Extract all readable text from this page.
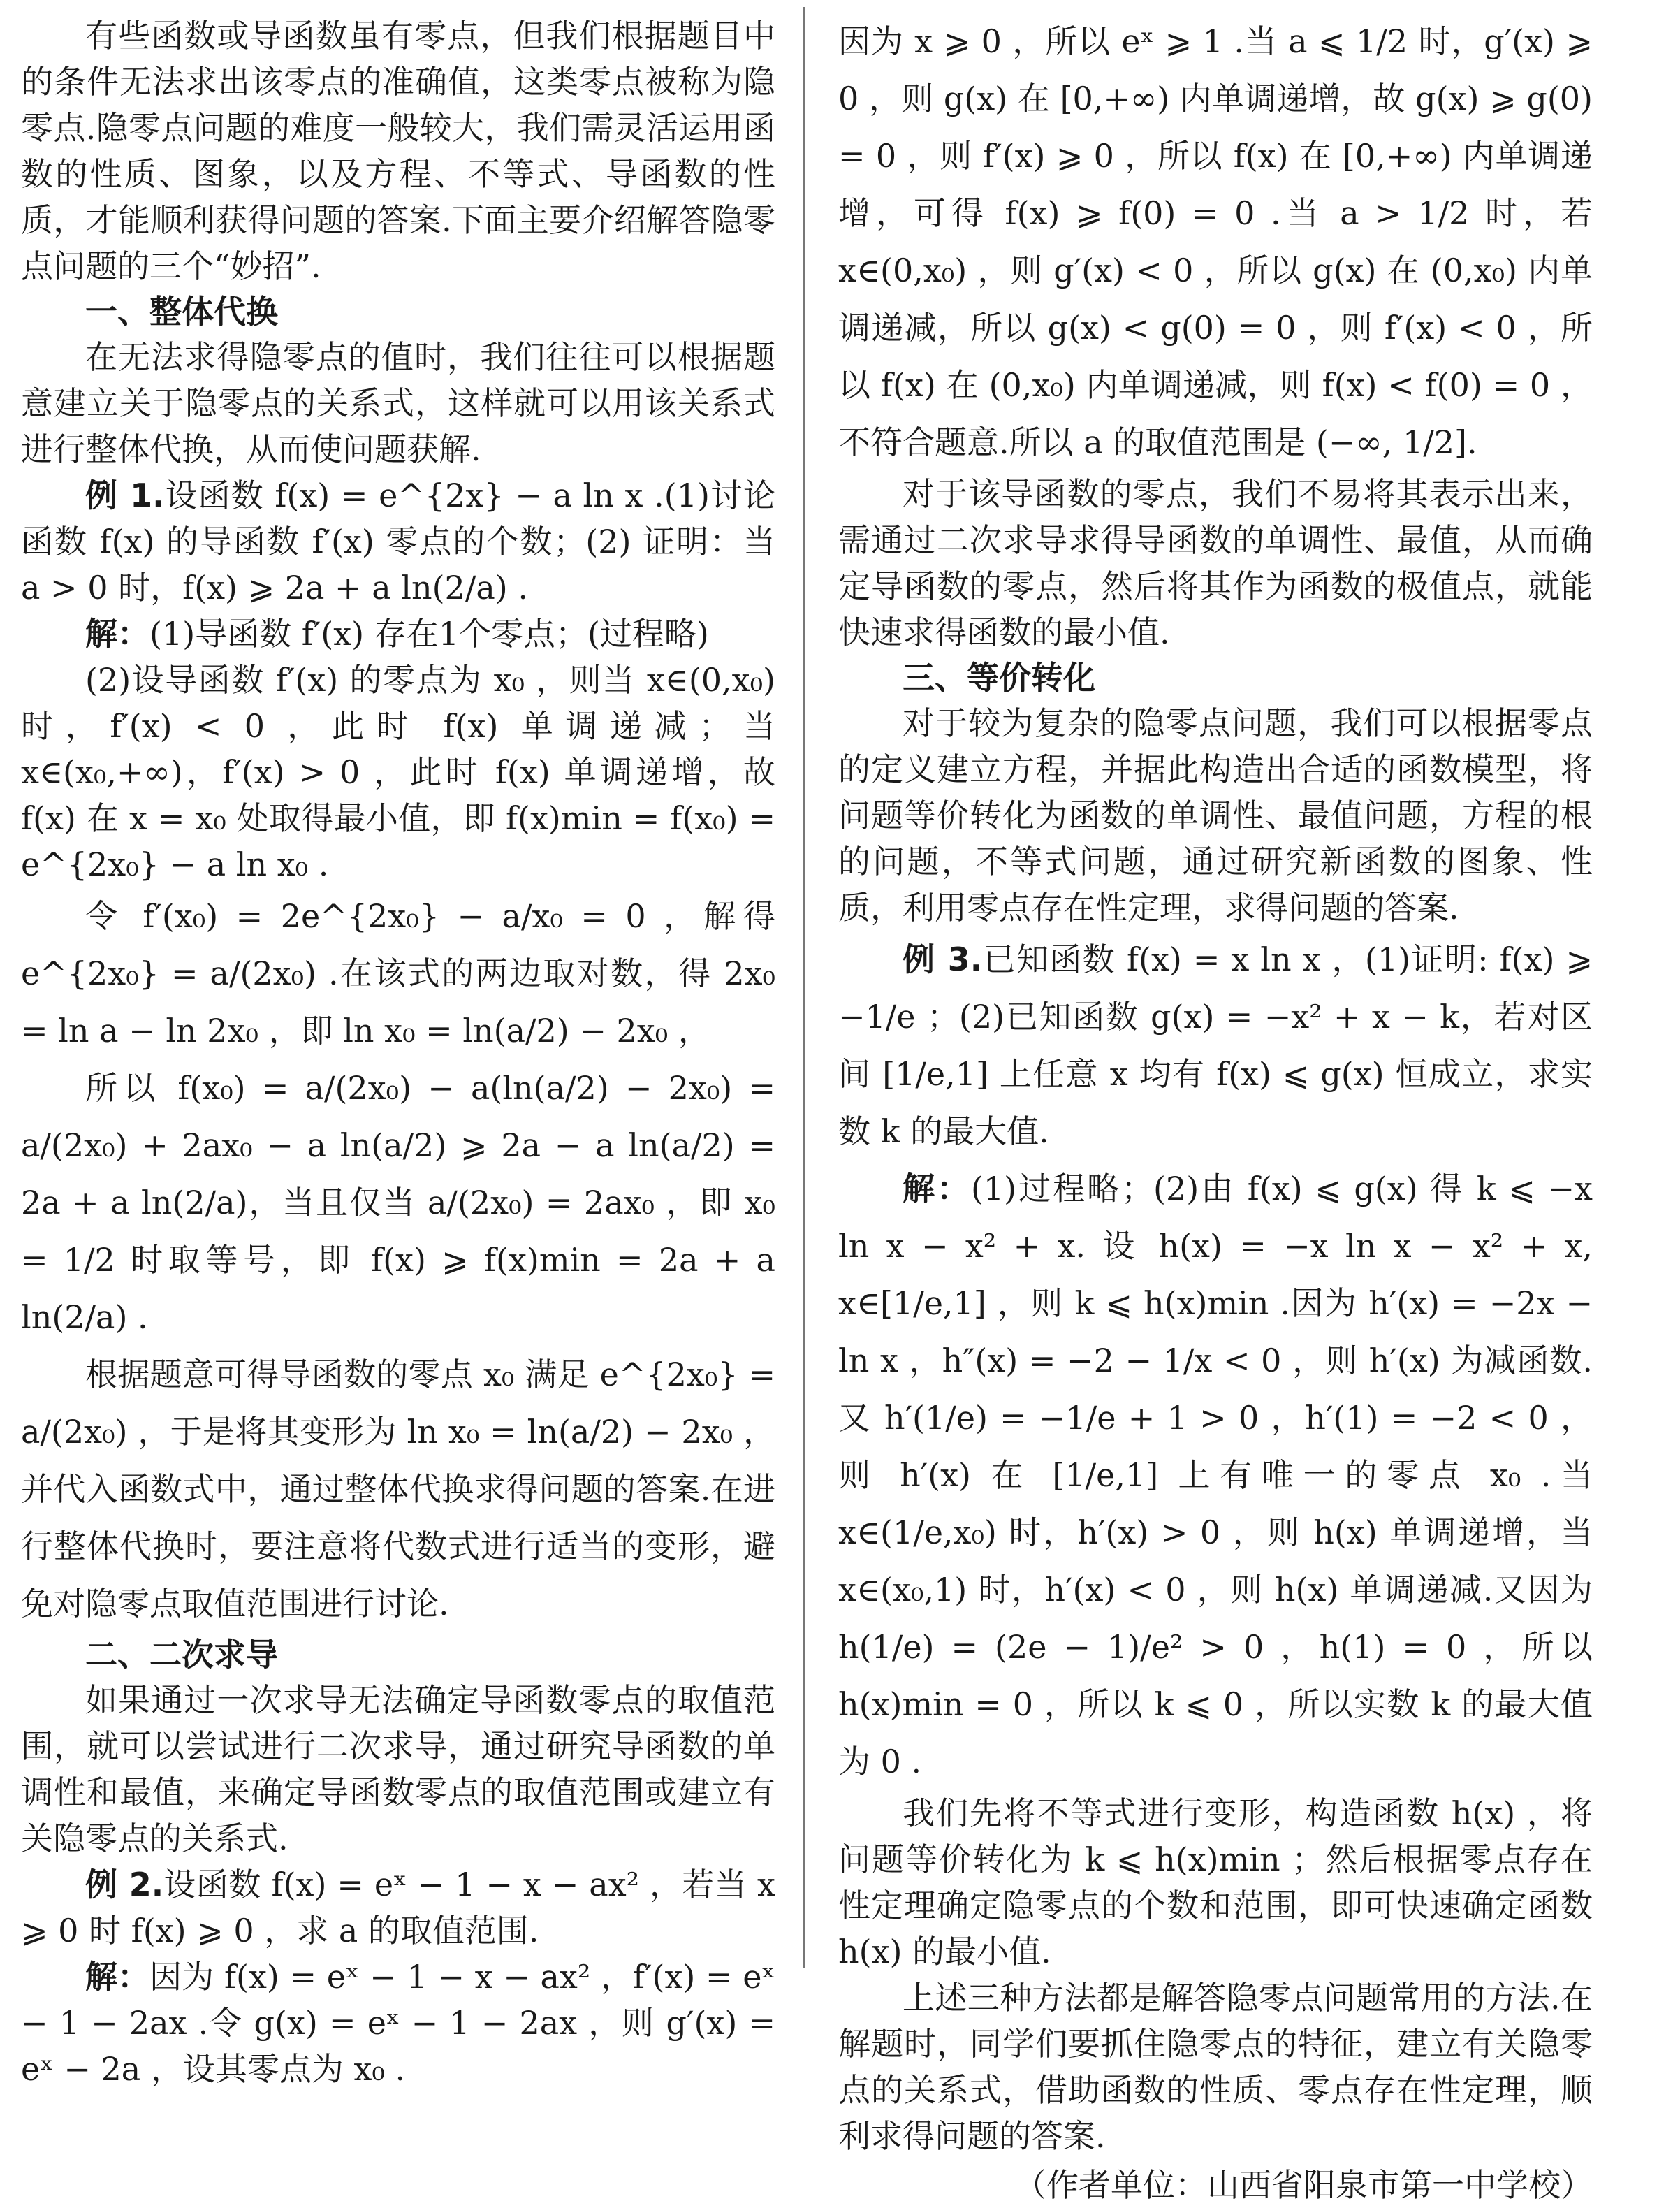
有些函数或导函数虽有零点，但我们根据题目中的条件无法求出该零点的准确值，这类零点被称为隐零点.隐零点问题的难度一般较大，我们需灵活运用函数的性质、图象，以及方程、不等式、导函数的性质，才能顺利获得问题的答案.下面主要介绍解答隐零点问题的三个“妙招”.

一、整体代换

在无法求得隐零点的值时，我们往往可以根据题意建立关于隐零点的关系式，这样就可以用该关系式进行整体代换，从而使问题获解.

例 1.设函数 f(x) = e^{2x} − a ln x .(1)讨论函数 f(x) 的导函数 f′(x) 零点的个数；(2) 证明：当 a > 0 时，f(x) ⩾ 2a + a ln(2/a) .

解：(1)导函数 f′(x) 存在1个零点；(过程略)

(2)设导函数 f′(x) 的零点为 x₀ ，则当 x∈(0,x₀) 时，f′(x) < 0 ，此时 f(x) 单调递减；当 x∈(x₀,+∞)，f′(x) > 0 ，此时 f(x) 单调递增，故 f(x) 在 x = x₀ 处取得最小值，即 f(x)min = f(x₀) = e^{2x₀} − a ln x₀ .

令 f′(x₀) = 2e^{2x₀} − a/x₀ = 0 ，解得 e^{2x₀} = a/(2x₀) .在该式的两边取对数，得 2x₀ = ln a − ln 2x₀ ，即 ln x₀ = ln(a/2) − 2x₀ ，

所以 f(x₀) = a/(2x₀) − a(ln(a/2) − 2x₀) = a/(2x₀) + 2ax₀ − a ln(a/2) ⩾ 2a − a ln(a/2) = 2a + a ln(2/a)，当且仅当 a/(2x₀) = 2ax₀ ，即 x₀ = 1/2 时取等号，即 f(x) ⩾ f(x)min = 2a + a ln(2/a) .

根据题意可得导函数的零点 x₀ 满足 e^{2x₀} = a/(2x₀) ，于是将其变形为 ln x₀ = ln(a/2) − 2x₀ ，并代入函数式中，通过整体代换求得问题的答案.在进行整体代换时，要注意将代数式进行适当的变形，避免对隐零点取值范围进行讨论.

二、二次求导

如果通过一次求导无法确定导函数零点的取值范围，就可以尝试进行二次求导，通过研究导函数的单调性和最值，来确定导函数零点的取值范围或建立有关隐零点的关系式.

例 2.设函数 f(x) = eˣ − 1 − x − ax² ，若当 x ⩾ 0 时 f(x) ⩾ 0 ，求 a 的取值范围.

解：因为 f(x) = eˣ − 1 − x − ax² ，f′(x) = eˣ − 1 − 2ax .令 g(x) = eˣ − 1 − 2ax ，则 g′(x) = eˣ − 2a ，设其零点为 x₀ .

因为 x ⩾ 0 ，所以 eˣ ⩾ 1 .当 a ⩽ 1/2 时，g′(x) ⩾ 0 ，则 g(x) 在 [0,+∞) 内单调递增，故 g(x) ⩾ g(0) = 0 ，则 f′(x) ⩾ 0 ，所以 f(x) 在 [0,+∞) 内单调递增，可得 f(x) ⩾ f(0) = 0 .当 a > 1/2 时，若 x∈(0,x₀) ，则 g′(x) < 0 ，所以 g(x) 在 (0,x₀) 内单调递减，所以 g(x) < g(0) = 0 ，则 f′(x) < 0 ，所以 f(x) 在 (0,x₀) 内单调递减，则 f(x) < f(0) = 0 ，不符合题意.所以 a 的取值范围是 (−∞, 1/2].

对于该导函数的零点，我们不易将其表示出来，需通过二次求导求得导函数的单调性、最值，从而确定导函数的零点，然后将其作为函数的极值点，就能快速求得函数的最小值.

三、等价转化

对于较为复杂的隐零点问题，我们可以根据零点的定义建立方程，并据此构造出合适的函数模型，将问题等价转化为函数的单调性、最值问题，方程的根的问题，不等式问题，通过研究新函数的图象、性质，利用零点存在性定理，求得问题的答案.

例 3.已知函数 f(x) = x ln x ，(1)证明: f(x) ⩾ −1/e ；(2)已知函数 g(x) = −x² + x − k，若对区间 [1/e,1] 上任意 x 均有 f(x) ⩽ g(x) 恒成立，求实数 k 的最大值.

解：(1)过程略；(2)由 f(x) ⩽ g(x) 得 k ⩽ −x ln x − x² + x. 设 h(x) = −x ln x − x² + x, x∈[1/e,1] ，则 k ⩽ h(x)min .因为 h′(x) = −2x − ln x ，h″(x) = −2 − 1/x < 0 ，则 h′(x) 为减函数.又 h′(1/e) = −1/e + 1 > 0 ，h′(1) = −2 < 0 ，则 h′(x) 在 [1/e,1] 上有唯一的零点 x₀ .当 x∈(1/e,x₀) 时，h′(x) > 0 ，则 h(x) 单调递增，当 x∈(x₀,1) 时，h′(x) < 0 ，则 h(x) 单调递减.又因为 h(1/e) = (2e − 1)/e² > 0 ，h(1) = 0 ，所以 h(x)min = 0 ，所以 k ⩽ 0 ，所以实数 k 的最大值为 0 .

我们先将不等式进行变形，构造函数 h(x) ，将问题等价转化为 k ⩽ h(x)min ；然后根据零点存在性定理确定隐零点的个数和范围，即可快速确定函数 h(x) 的最小值.

上述三种方法都是解答隐零点问题常用的方法.在解题时，同学们要抓住隐零点的特征，建立有关隐零点的关系式，借助函数的性质、零点存在性定理，顺利求得问题的答案.

（作者单位：山西省阳泉市第一中学校）
